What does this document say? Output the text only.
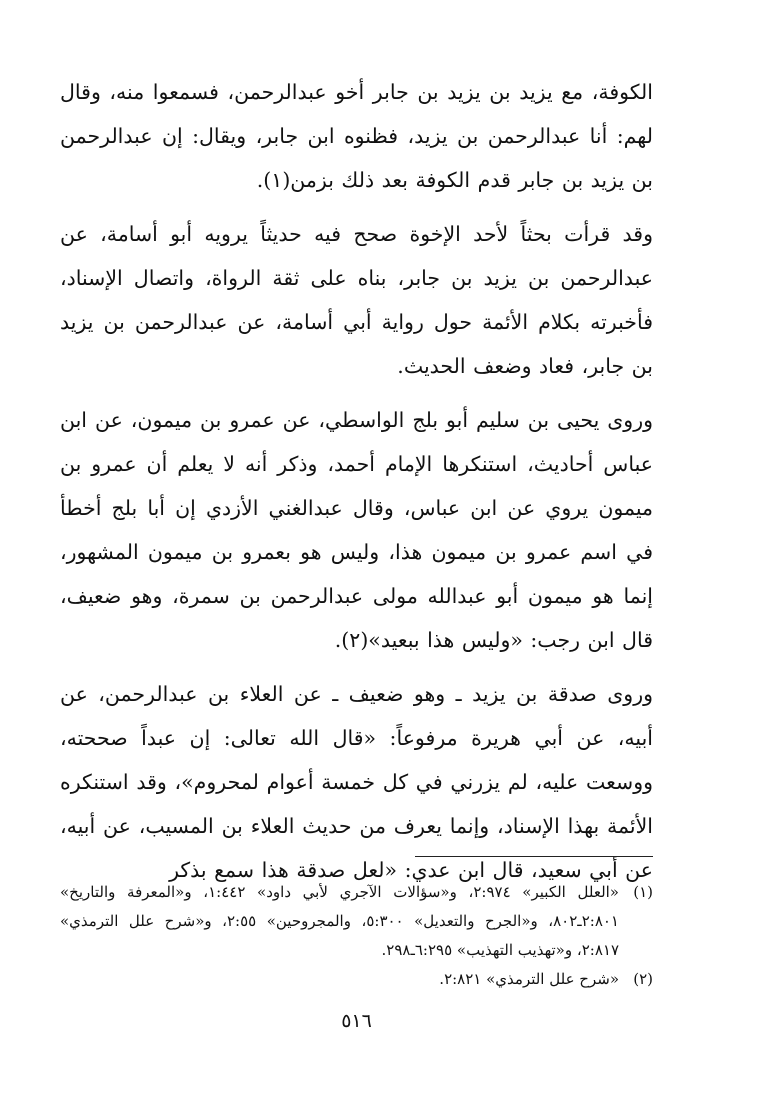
الكوفة، مع يزيد بن يزيد بن جابر أخو عبدالرحمن، فسمعوا منه، وقال لهم: أنا عبدالرحمن بن يزيد، فظنوه ابن جابر، ويقال: إن عبدالرحمن بن يزيد بن جابر قدم الكوفة بعد ذلك بزمن(١).

وقد قرأت بحثاً لأحد الإخوة صحح فيه حديثاً يرويه أبو أسامة، عن عبدالرحمن بن يزيد بن جابر، بناه على ثقة الرواة، واتصال الإسناد، فأخبرته بكلام الأئمة حول رواية أبي أسامة، عن عبدالرحمن بن يزيد بن جابر، فعاد وضعف الحديث.

وروى يحيى بن سليم أبو بلج الواسطي، عن عمرو بن ميمون، عن ابن عباس أحاديث، استنكرها الإمام أحمد، وذكر أنه لا يعلم أن عمرو بن ميمون يروي عن ابن عباس، وقال عبدالغني الأزدي إن أبا بلج أخطأ في اسم عمرو بن ميمون هذا، وليس هو بعمرو بن ميمون المشهور، إنما هو ميمون أبو عبدالله مولى عبدالرحمن بن سمرة، وهو ضعيف، قال ابن رجب: «وليس هذا ببعيد»(٢).

وروى صدقة بن يزيد ـ وهو ضعيف ـ عن العلاء بن عبدالرحمن، عن أبيه، عن أبي هريرة مرفوعاً: «قال الله تعالى: إن عبداً صححته، ووسعت عليه، لم يزرني في كل خمسة أعوام لمحروم»، وقد استنكره الأئمة بهذا الإسناد، وإنما يعرف من حديث العلاء بن المسيب، عن أبيه، عن أبي سعيد، قال ابن عدي: «لعل صدقة هذا سمع بذكر

(١)
«العلل الكبير» ٢:٩٧٤، و«سؤالات الآجري لأبي داود» ١:٤٤٢، و«المعرفة والتاريخ» ٢:٨٠١ـ٨٠٢، و«الجرح والتعديل» ٥:٣٠٠، والمجروحين» ٢:٥٥، و«شرح علل الترمذي» ٢:٨١٧، و«تهذيب التهذيب» ٦:٢٩٥ـ٢٩٨.
(٢)
«شرح علل الترمذي» ٢:٨٢١.
٥١٦
